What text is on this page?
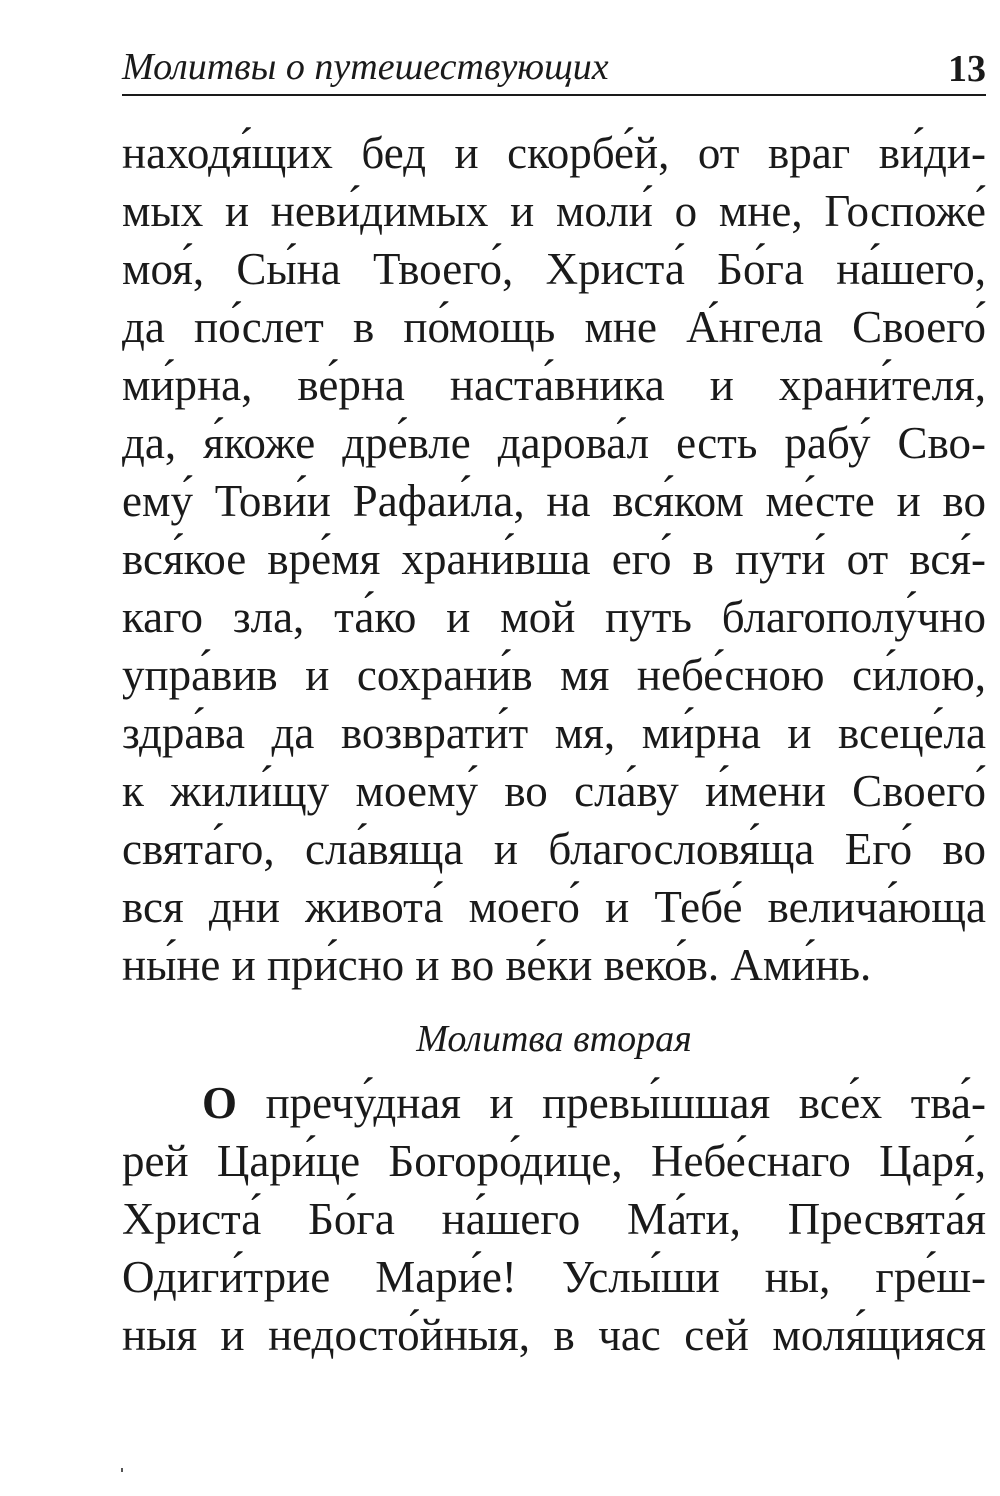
Молитвы о путешествующих	13
находя́щих бед и скорбе́й, от враг ви́ди-
мых и неви́димых и моли́ о мне, Госпоже́
моя́, Сы́на Твоего́, Христа́ Бо́га на́шего,
да по́слет в по́мощь мне А́нгела Своего́
ми́рна, ве́рна наста́вника и храни́теля,
да, я́коже дре́вле дарова́л есть рабу́ Сво-
ему́ Тови́и Рафаи́ла, на вся́ком ме́сте и во
вся́кое вре́мя храни́вша его́ в пути́ от вся́-
каго зла, та́ко и мой путь благополу́чно
упра́вив и сохрани́в мя небе́сною си́лою,
здра́ва да возврати́т мя, ми́рна и всеце́ла
к жили́щу моему́ во сла́ву и́мени Своего́
свята́го, сла́вяща и благословя́ща Его́ во
вся дни живота́ моего́ и Тебе́ велича́юща
ны́не и при́сно и во ве́ки веко́в. Ами́нь.
Молитва вторая
О пречу́дная и превы́шшая все́х тва́-
рей Цари́це Богоро́дице, Небе́снаго Царя́,
Христа́ Бо́га на́шего Ма́ти, Пресвята́я
Одиги́трие Мари́е! Услы́ши ны, гре́ш-
ныя и недосто́йныя, в час сей моля́щияся
